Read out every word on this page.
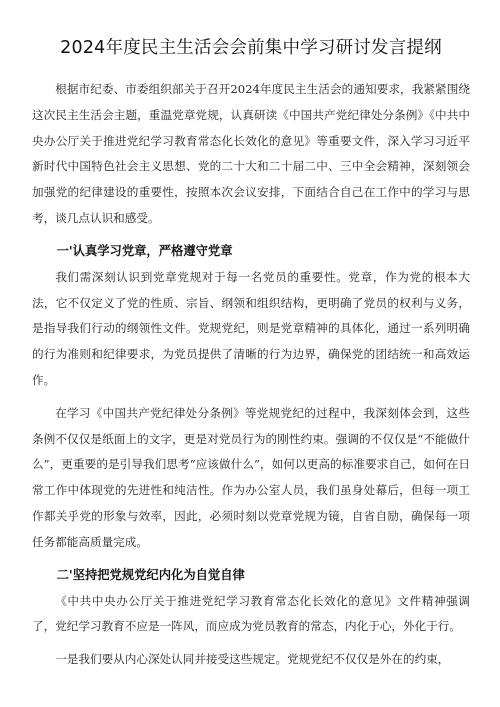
2024年度民主生活会会前集中学习研讨发言提纲

根据市纪委、市委组织部关于召开2024年度民主生活会的通知要求，我紧紧围绕这次民主生活会主题，重温党章党规，认真研读《中国共产党纪律处分条例》《中共中央办公厅关于推进党纪学习教育常态化长效化的意见》等重要文件，深入学习习近平新时代中国特色社会主义思想、党的二十大和二十届二中、三中全会精神，深刻领会加强党的纪律建设的重要性，按照本次会议安排，下面结合自己在工作中的学习与思考，谈几点认识和感受。

一'认真学习党章，严格遵守党章

我们需深刻认识到党章党规对于每一名党员的重要性。党章，作为党的根本大法，它不仅定义了党的性质、宗旨、纲领和组织结构，更明确了党员的权利与义务，是指导我们行动的纲领性文件。党规党纪，则是党章精神的具体化，通过一系列明确的行为准则和纪律要求，为党员提供了清晰的行为边界，确保党的团结统一和高效运作。

在学习《中国共产党纪律处分条例》等党规党纪的过程中，我深刻体会到，这些条例不仅仅是纸面上的文字，更是对党员行为的刚性约束。强调的不仅仅是“不能做什么”，更重要的是引导我们思考“应该做什么”，如何以更高的标准要求自己，如何在日常工作中体现党的先进性和纯洁性。作为办公室人员，我们虽身处幕后，但每一项工作都关乎党的形象与效率，因此，必须时刻以党章党规为镜，自省自励，确保每一项任务都能高质量完成。

二'坚持把党规党纪内化为自觉自律

《中共中央办公厅关于推进党纪学习教育常态化长效化的意见》文件精神强调了，党纪学习教育不应是一阵风，而应成为党员教育的常态，内化于心，外化于行。

一是我们要从内心深处认同并接受这些规定。党规党纪不仅仅是外在的约束，
